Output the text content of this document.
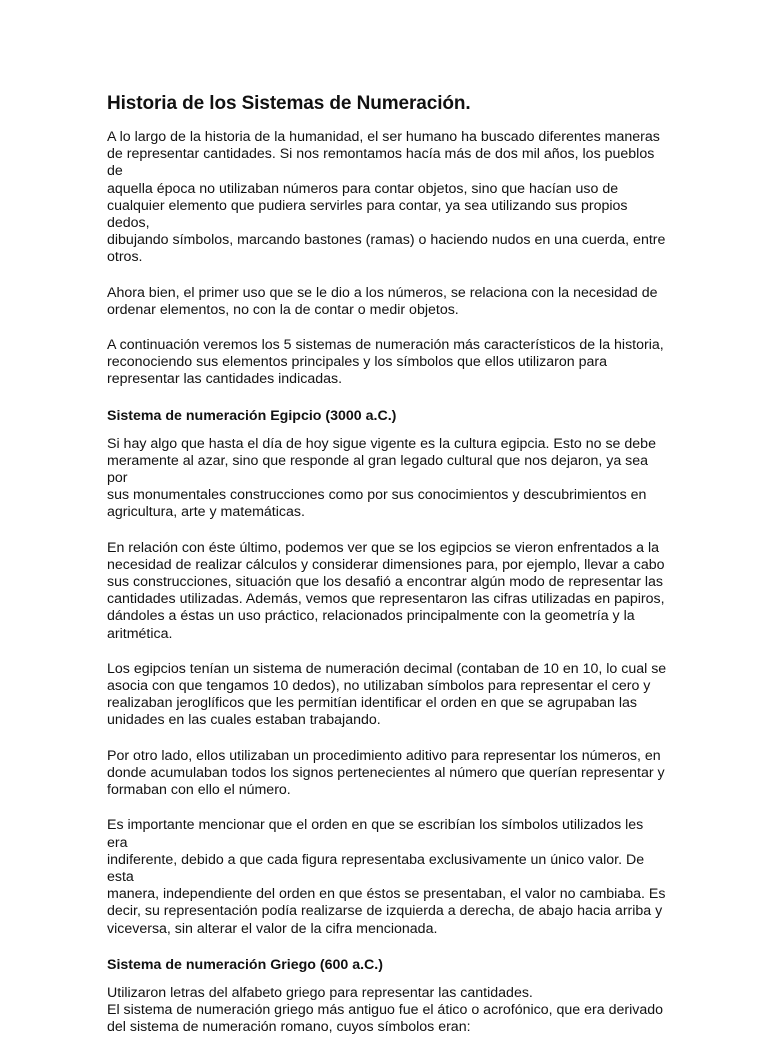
Historia de los Sistemas de Numeración.

A lo largo de la historia de la humanidad, el ser humano ha buscado diferentes maneras
de representar cantidades. Si nos remontamos hacía más de dos mil años, los pueblos de
aquella época no utilizaban números para contar objetos, sino que hacían uso de
cualquier elemento que pudiera servirles para contar, ya sea utilizando sus propios dedos,
dibujando símbolos, marcando bastones (ramas) o haciendo nudos en una cuerda, entre
otros.

Ahora bien, el primer uso que se le dio a los números, se relaciona con la necesidad de
ordenar elementos, no con la de contar o medir objetos.

A continuación veremos los 5 sistemas de numeración más característicos de la historia,
reconociendo sus elementos principales y los símbolos que ellos utilizaron para
representar las cantidades indicadas.

Sistema de numeración Egipcio (3000 a.C.)

Si hay algo que hasta el día de hoy sigue vigente es la cultura egipcia. Esto no se debe
meramente al azar, sino que responde al gran legado cultural que nos dejaron, ya sea por
sus monumentales construcciones como por sus conocimientos y descubrimientos en
agricultura, arte y matemáticas.

En relación con éste último, podemos ver que se los egipcios se vieron enfrentados a la
necesidad de realizar cálculos y considerar dimensiones para, por ejemplo, llevar a cabo
sus construcciones, situación que los desafió a encontrar algún modo de representar las
cantidades utilizadas. Además, vemos que representaron las cifras utilizadas en papiros,
dándoles a éstas un uso práctico, relacionados principalmente con la geometría y la
aritmética.

Los egipcios tenían un sistema de numeración decimal (contaban de 10 en 10, lo cual se
asocia con que tengamos 10 dedos), no utilizaban símbolos para representar el cero y
realizaban jeroglíficos que les permitían identificar el orden en que se agrupaban las
unidades en las cuales estaban trabajando.

Por otro lado, ellos utilizaban un procedimiento aditivo para representar los números, en
donde acumulaban todos los signos pertenecientes al número que querían representar y
formaban con ello el número.

Es importante mencionar que el orden en que se escribían los símbolos utilizados les era
indiferente, debido a que cada figura representaba exclusivamente un único valor. De esta
manera, independiente del orden en que éstos se presentaban, el valor no cambiaba. Es
decir, su representación podía realizarse de izquierda a derecha, de abajo hacia arriba y
viceversa, sin alterar el valor de la cifra mencionada.

Sistema de numeración Griego (600 a.C.)

Utilizaron letras del alfabeto griego para representar las cantidades.

El sistema de numeración griego más antiguo fue el ático o acrofónico, que era derivado
del sistema de numeración romano, cuyos símbolos eran:
